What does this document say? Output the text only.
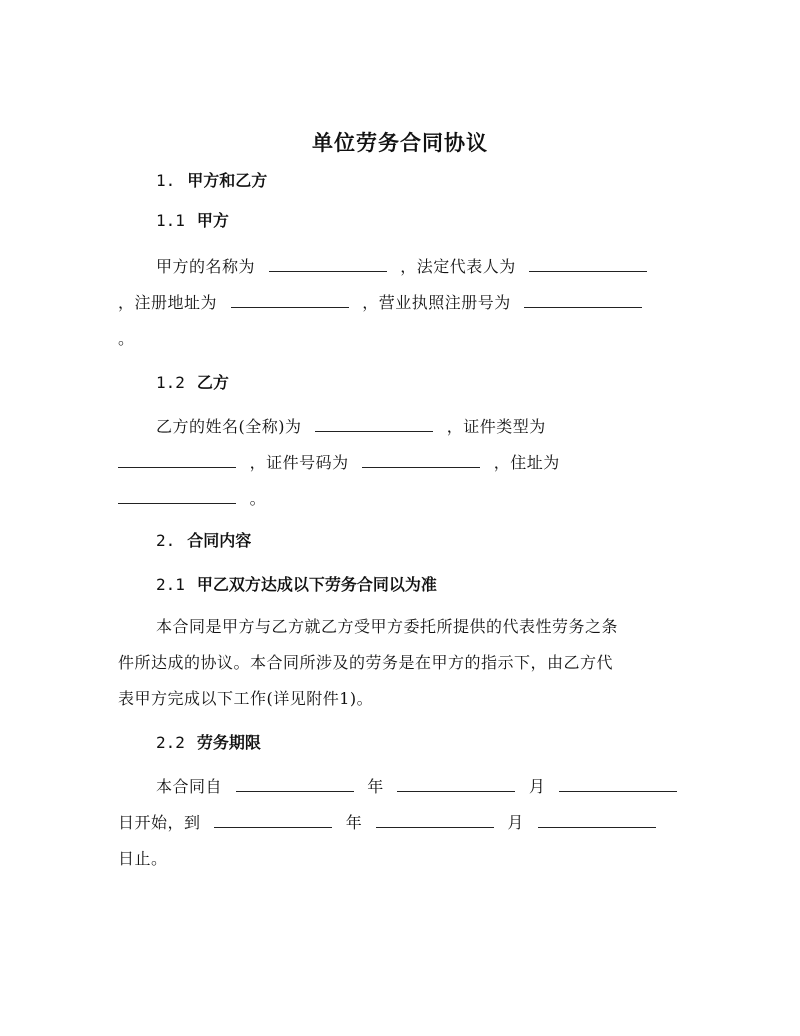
单位劳务合同协议
1. 甲方和乙方
1.1 甲方
甲方的名称为	，法定代表人为
，注册地址为	，营业执照注册号为
。
1.2 乙方
乙方的姓名(全称)为	，证件类型为
，证件号码为	，住址为
。
2. 合同内容
2.1 甲乙双方达成以下劳务合同以为准
本合同是甲方与乙方就乙方受甲方委托所提供的代表性劳务之条
件所达成的协议。本合同所涉及的劳务是在甲方的指示下，由乙方代
表甲方完成以下工作(详见附件1)。
2.2 劳务期限
本合同自	年	月
日开始，到	年	月
日止。
